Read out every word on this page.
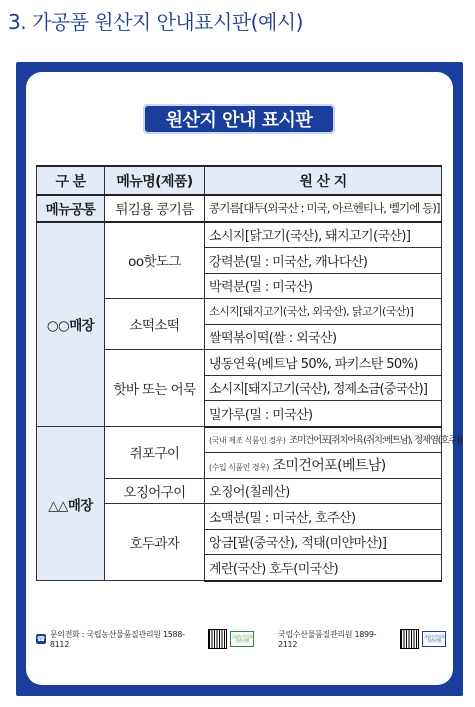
3. 가공품 원산지 안내표시판(예시)
원산지 안내 표시판
구 분	메뉴명(제품)	원 산 지
메뉴공통	튀김용 콩기름	콩기름[대두(외국산 : 미국, 아르헨티나, 벨기에 등)]
○○매장	oo핫도그	소시지[닭고기(국산), 돼지고기(국산)]
		강력분(밀 : 미국산, 캐나다산)
		박력분(밀 : 미국산)
	소떡소떡	소시지[돼지고기(국산, 외국산), 닭고기(국산)]
		쌀떡볶이떡(쌀 : 외국산)
	핫바 또는 어묵	냉동연육(베트남 50%, 파키스탄 50%)
		소시지[돼지고기(국산), 정제소금(중국산)]
		밀가루(밀 : 미국산)
△△매장	쥐포구이	(국내 제조 식품인 경우) 조미건어포[쥐치어육(쥐치:베트남), 정제염(호주)]
		(수입 식품인 경우) 조미건어포(베트남)
	오징어구이	오징어(칠레산)
	호두과자	소맥분(밀 : 미국산, 호주산)
		앙금[팥(중국산), 적태(미얀마산)]
		계란(국산) 호두(미국산)
☎ 문의전화 : 국립농산물품질관리원 1588-8112
국립농산물품질관리원
국립수산물품질관리원 1899-2112
국립수산물품질관리원
